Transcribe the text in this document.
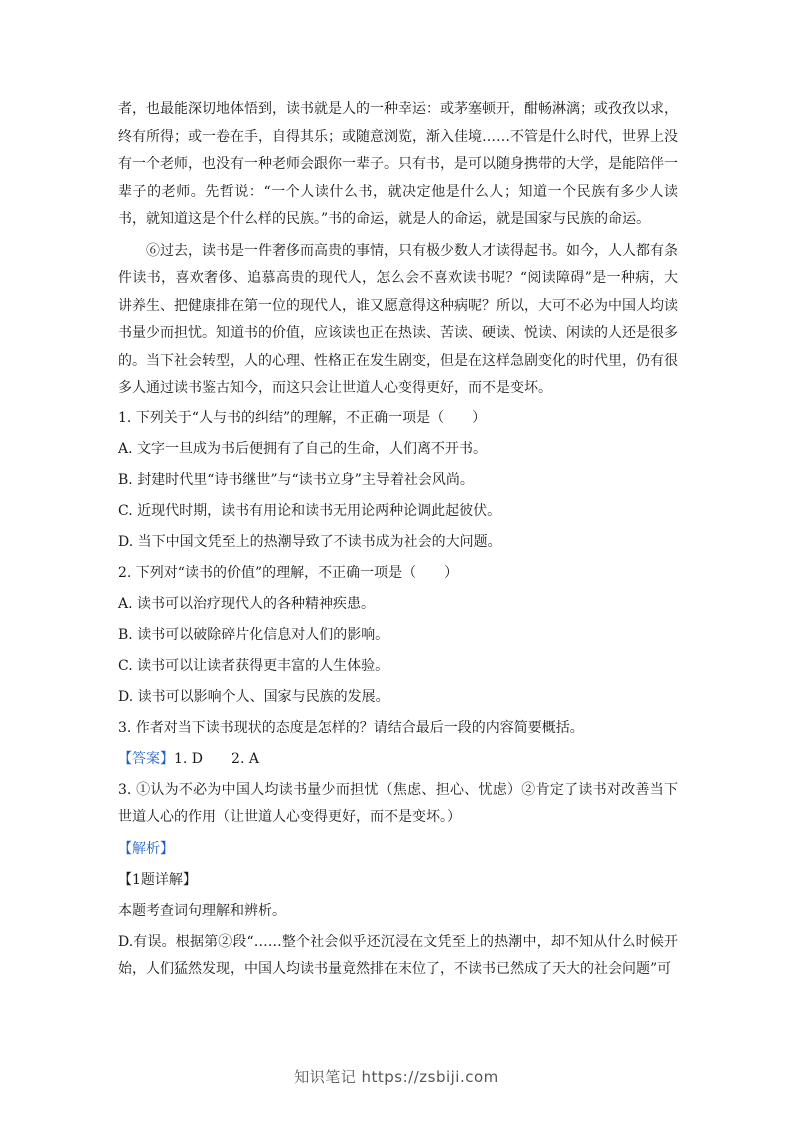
者，也最能深切地体悟到，读书就是人的一种幸运：或茅塞顿开，酣畅淋漓；或孜孜以求，终有所得；或一卷在手，自得其乐；或随意浏览，渐入佳境……不管是什么时代，世界上没有一个老师，也没有一种老师会跟你一辈子。只有书，是可以随身携带的大学，是能陪伴一辈子的老师。先哲说：“一个人读什么书，就决定他是什么人；知道一个民族有多少人读书，就知道这是个什么样的民族。”书的命运，就是人的命运，就是国家与民族的命运。

⑥过去，读书是一件奢侈而高贵的事情，只有极少数人才读得起书。如今，人人都有条件读书，喜欢奢侈、追慕高贵的现代人，怎么会不喜欢读书呢？“阅读障碍”是一种病，大讲养生、把健康排在第一位的现代人，谁又愿意得这种病呢？所以，大可不必为中国人均读书量少而担忧。知道书的价值，应该读也正在热读、苦读、硬读、悦读、闲读的人还是很多的。当下社会转型，人的心理、性格正在发生剧变，但是在这样急剧变化的时代里，仍有很多人通过读书鉴古知今，而这只会让世道人心变得更好，而不是变坏。

1. 下列关于“人与书的纠结”的理解，不正确一项是（　　）

A. 文字一旦成为书后便拥有了自己的生命，人们离不开书。

B. 封建时代里“诗书继世”与“读书立身”主导着社会风尚。

C. 近现代时期，读书有用论和读书无用论两种论调此起彼伏。

D. 当下中国文凭至上的热潮导致了不读书成为社会的大问题。

2. 下列对“读书的价值”的理解，不正确一项是（　　）

A. 读书可以治疗现代人的各种精神疾患。

B. 读书可以破除碎片化信息对人们的影响。

C. 读书可以让读者获得更丰富的人生体验。

D. 读书可以影响个人、国家与民族的发展。

3. 作者对当下读书现状的态度是怎样的？请结合最后一段的内容简要概括。

【答案】1. D 2. A

3. ①认为不必为中国人均读书量少而担忧（焦虑、担心、忧虑）②肯定了读书对改善当下世道人心的作用（让世道人心变得更好，而不是变坏。）

【解析】

【1题详解】

本题考查词句理解和辨析。

D.有误。根据第②段“……整个社会似乎还沉浸在文凭至上的热潮中，却不知从什么时候开始，人们猛然发现，中国人均读书量竟然排在末位了，不读书已然成了天大的社会问题”可

知识笔记 https://zsbiji.com
